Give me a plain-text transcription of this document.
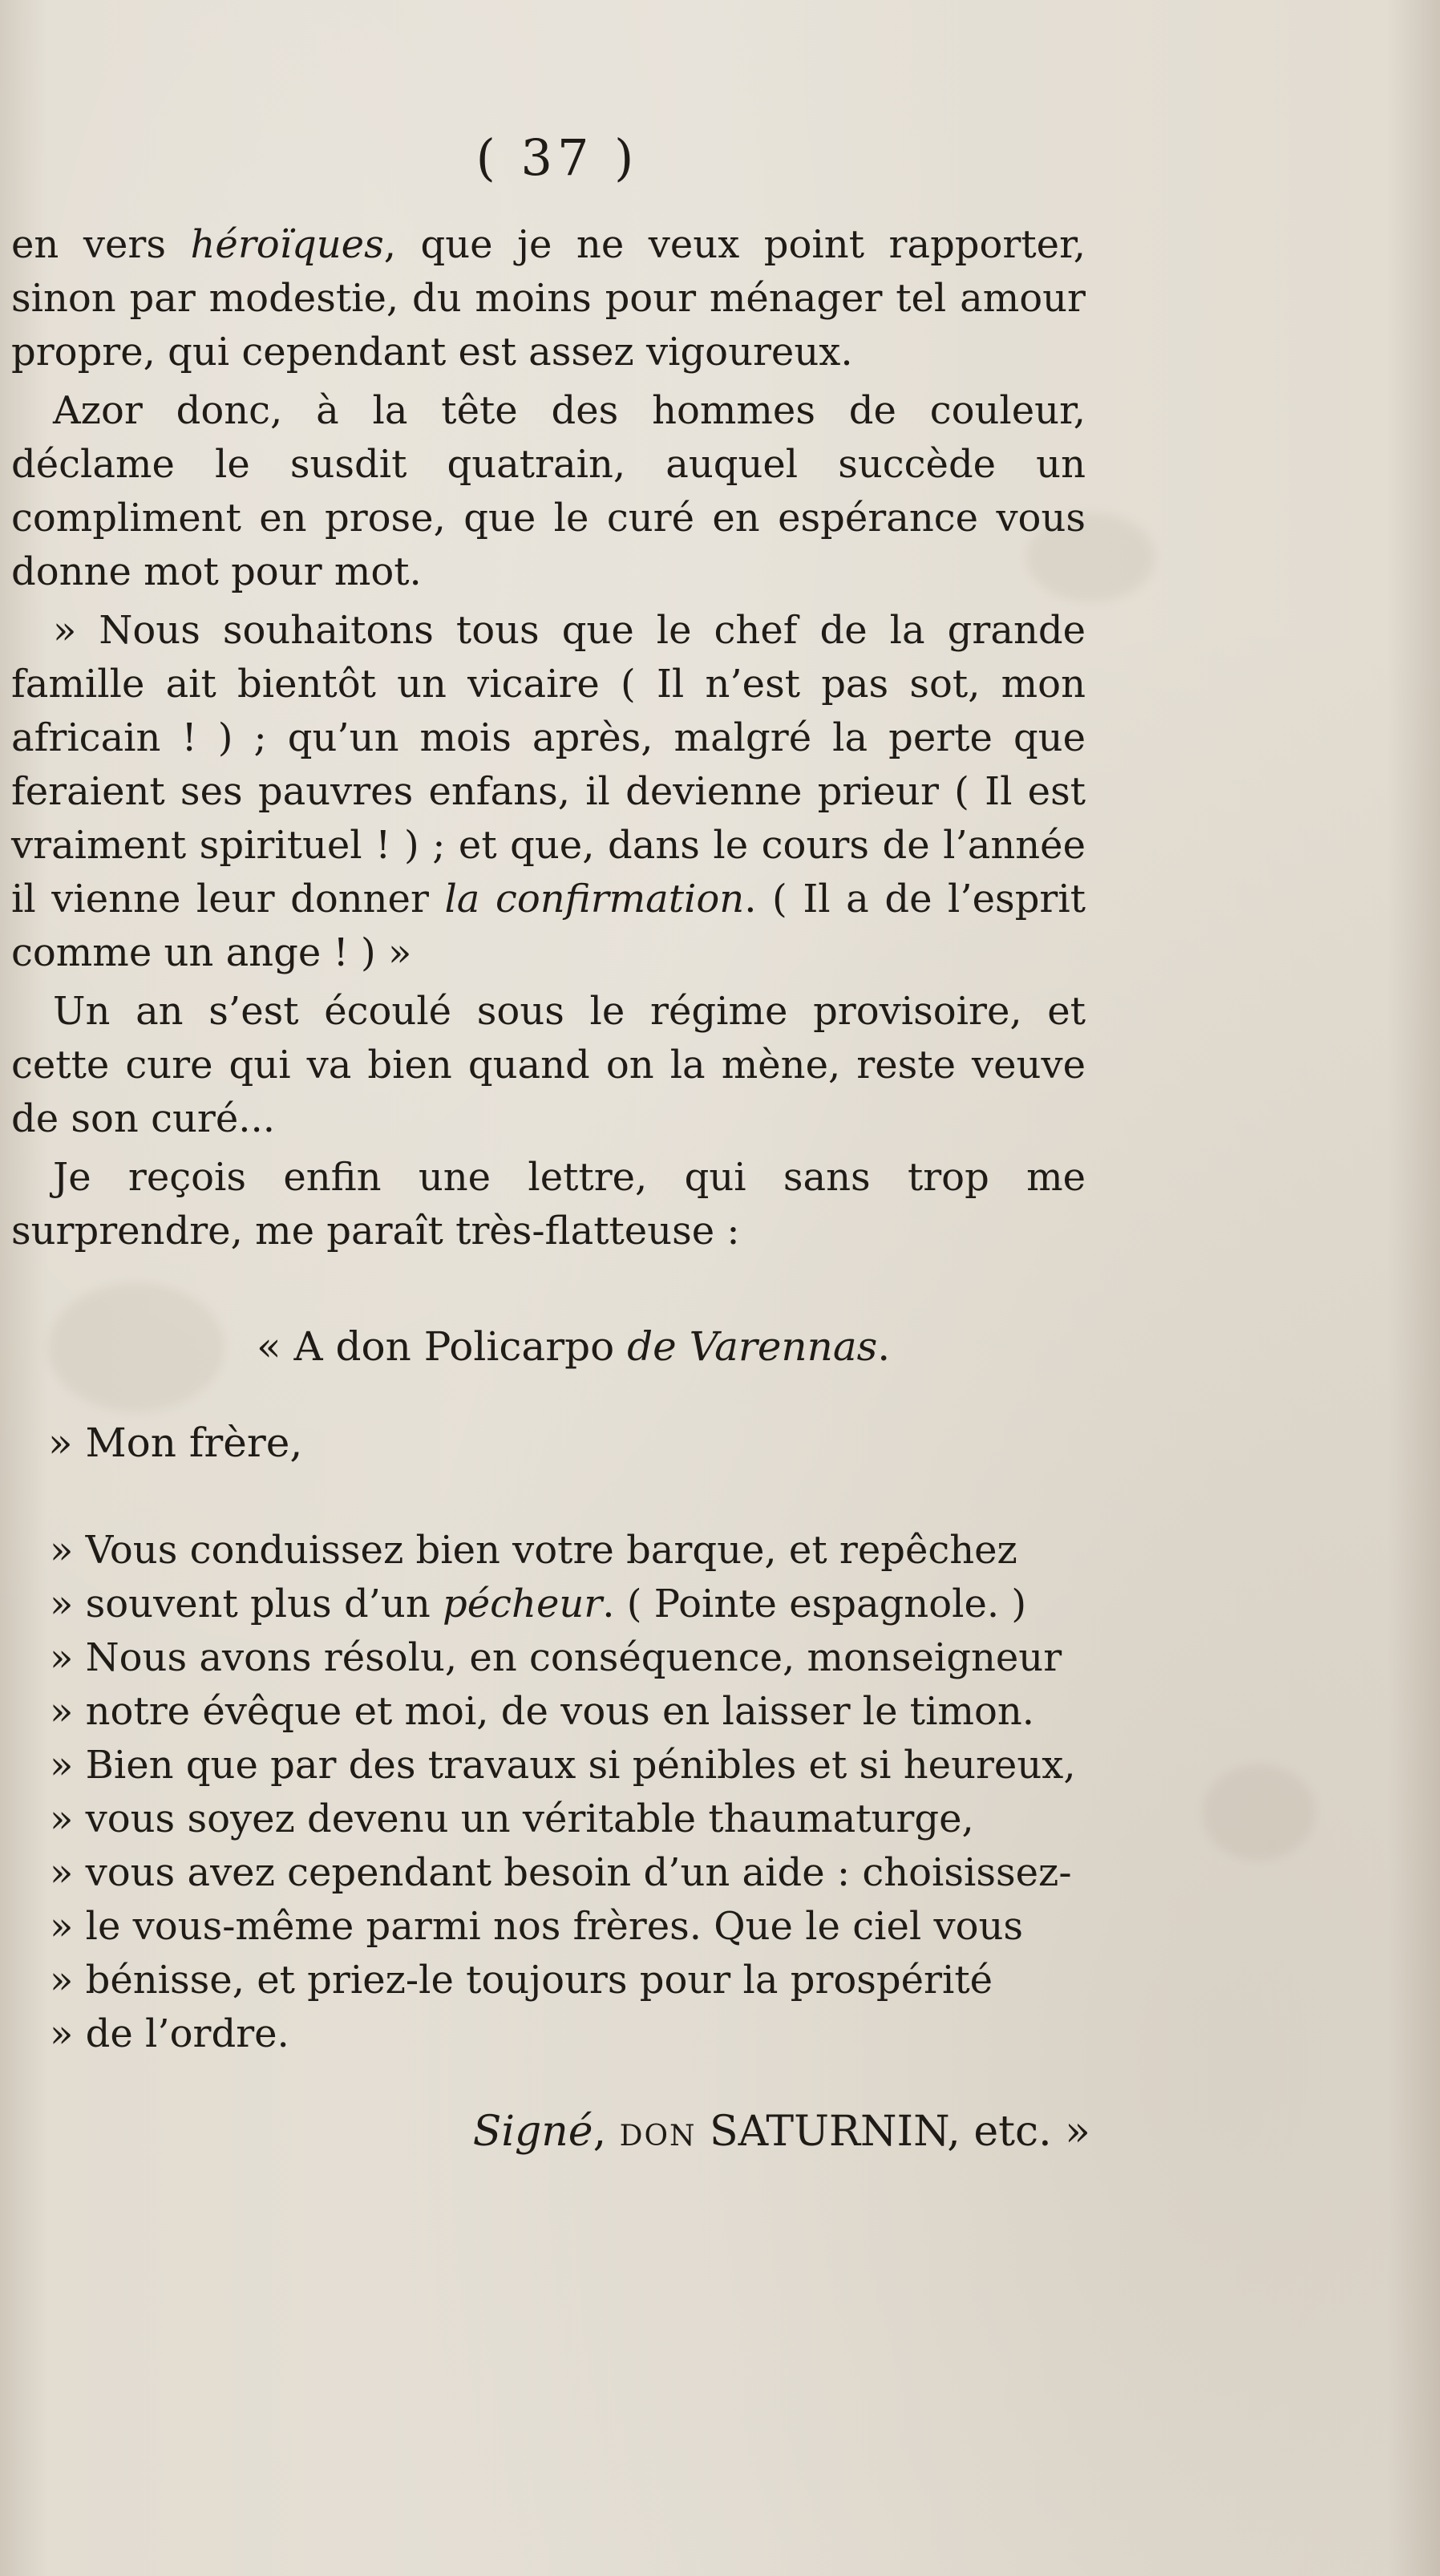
( 37 )

en vers héroïques, que je ne veux point rapporter, sinon par modestie, du moins pour ménager tel amour propre, qui cependant est assez vigoureux.

Azor donc, à la tête des hommes de couleur, déclame le susdit quatrain, auquel succède un compliment en prose, que le curé en espérance vous donne mot pour mot.

» Nous souhaitons tous que le chef de la grande famille ait bientôt un vicaire ( Il n’est pas sot, mon africain ! ) ; qu’un mois après, malgré la perte que feraient ses pauvres enfans, il devienne prieur ( Il est vraiment spirituel ! ) ; et que, dans le cours de l’année il vienne leur donner la confirmation. ( Il a de l’esprit comme un ange ! ) »

Un an s’est écoulé sous le régime provisoire, et cette cure qui va bien quand on la mène, reste veuve de son curé...

Je reçois enfin une lettre, qui sans trop me surprendre, me paraît très-flatteuse :

« A don Policarpo de Varennas.
» Mon frère,
» Vous conduissez bien votre barque, et repêchez
» souvent plus d’un pécheur. ( Pointe espagnole. )
» Nous avons résolu, en conséquence, monseigneur
» notre évêque et moi, de vous en laisser le timon.
» Bien que par des travaux si pénibles et si heureux,
» vous soyez devenu un véritable thaumaturge,
» vous avez cependant besoin d’un aide : choisissez-
» le vous-même parmi nos frères. Que le ciel vous
» bénisse, et priez-le toujours pour la prospérité
» de l’ordre.
Signé, don SATURNIN, etc. »
